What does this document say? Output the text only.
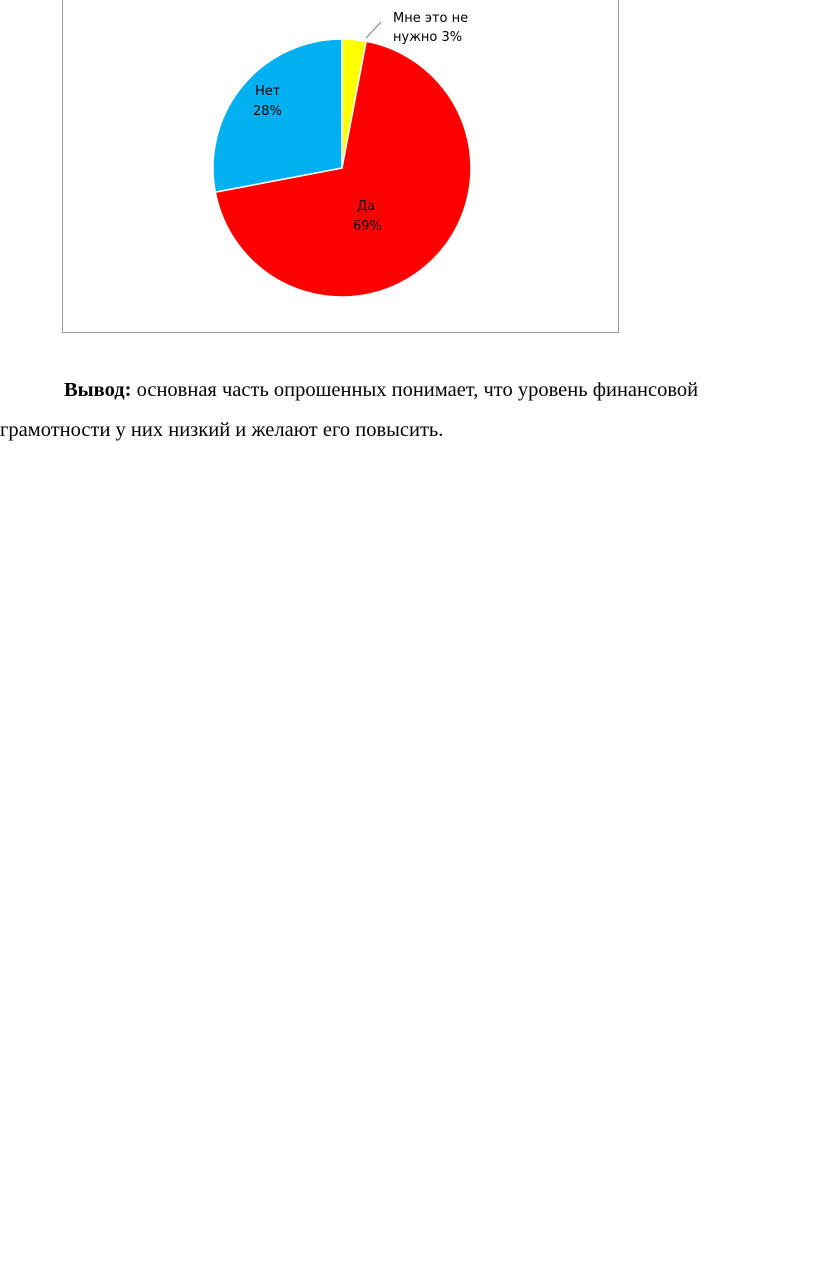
Мне это не
нужно 3%
Нет
28%
Да
69%
Вывод: основная часть опрошенных понимает, что уровень финансовой
грамотности у них низкий и желают его повысить.
